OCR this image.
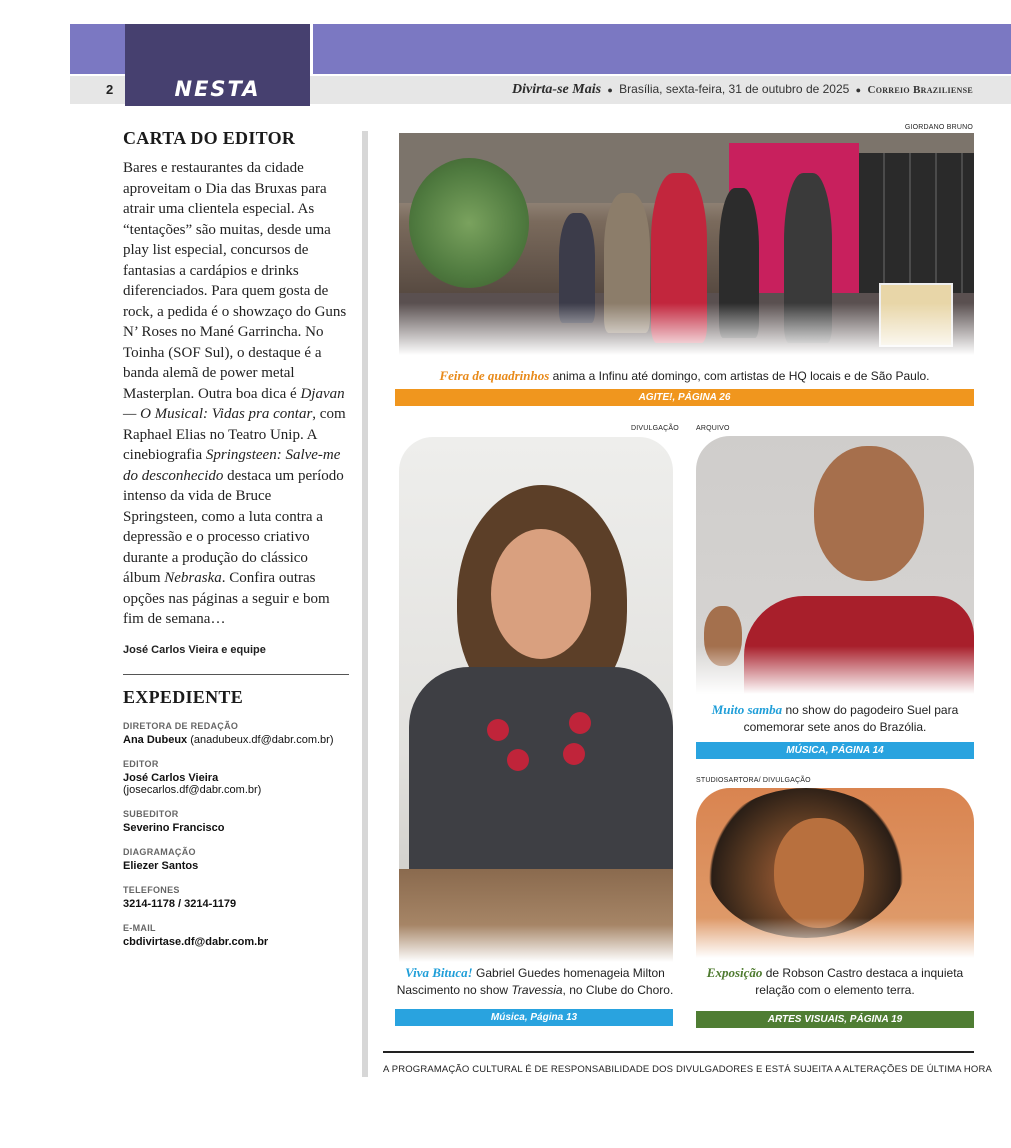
2	NESTA EDIÇÃO
Divirta-se Mais ● Brasília, sexta-feira, 31 de outubro de 2025 ● Correio Braziliense
CARTA DO EDITOR
Bares e restaurantes da cidade aproveitam o Dia das Bruxas para atrair uma clientela especial. As “tentações” são muitas, desde uma play list especial, concursos de fantasias a cardápios e drinks diferenciados. Para quem gosta de rock, a pedida é o showzaço do Guns N’ Roses no Mané Garrincha. No Toinha (SOF Sul), o destaque é a banda alemã de power metal Masterplan. Outra boa dica é Djavan — O Musical: Vidas pra contar, com Raphael Elias no Teatro Unip. A cinebiografia Springsteen: Salve-me do desconhecido destaca um período intenso da vida de Bruce Springsteen, como a luta contra a depressão e o processo criativo durante a produção do clássico álbum Nebraska. Confira outras opções nas páginas a seguir e bom fim de semana…
José Carlos Vieira e equipe
EXPEDIENTE
DIRETORA DE REDAÇÃO
Ana Dubeux (anadubeux.df@dabr.com.br)
EDITOR
José Carlos Vieira (josecarlos.df@dabr.com.br)
SUBEDITOR
Severino Francisco
DIAGRAMAÇÃO
Eliezer Santos
TELEFONES
3214-1178 / 3214-1179
E-MAIL
cbdivirtase.df@dabr.com.br
GIORDANO BRUNO
Feira de quadrinhos anima a Infinu até domingo, com artistas de HQ locais e de São Paulo.
AGITE!, PÁGINA 26
DIVULGAÇÃO
Viva Bituca! Gabriel Guedes homenageia Milton Nascimento no show Travessia, no Clube do Choro.
Música, Página 13
ARQUIVO
Muito samba no show do pagodeiro Suel para comemorar sete anos do Brazólia.
MÚSICA, PÁGINA 14
STUDIOSARTORA/ DIVULGAÇÃO
Exposição de Robson Castro destaca a inquieta relação com o elemento terra.
ARTES VISUAIS, PÁGINA 19
A PROGRAMAÇÃO CULTURAL É DE RESPONSABILIDADE DOS DIVULGADORES E ESTÁ SUJEITA A ALTERAÇÕES DE ÚLTIMA HORA
